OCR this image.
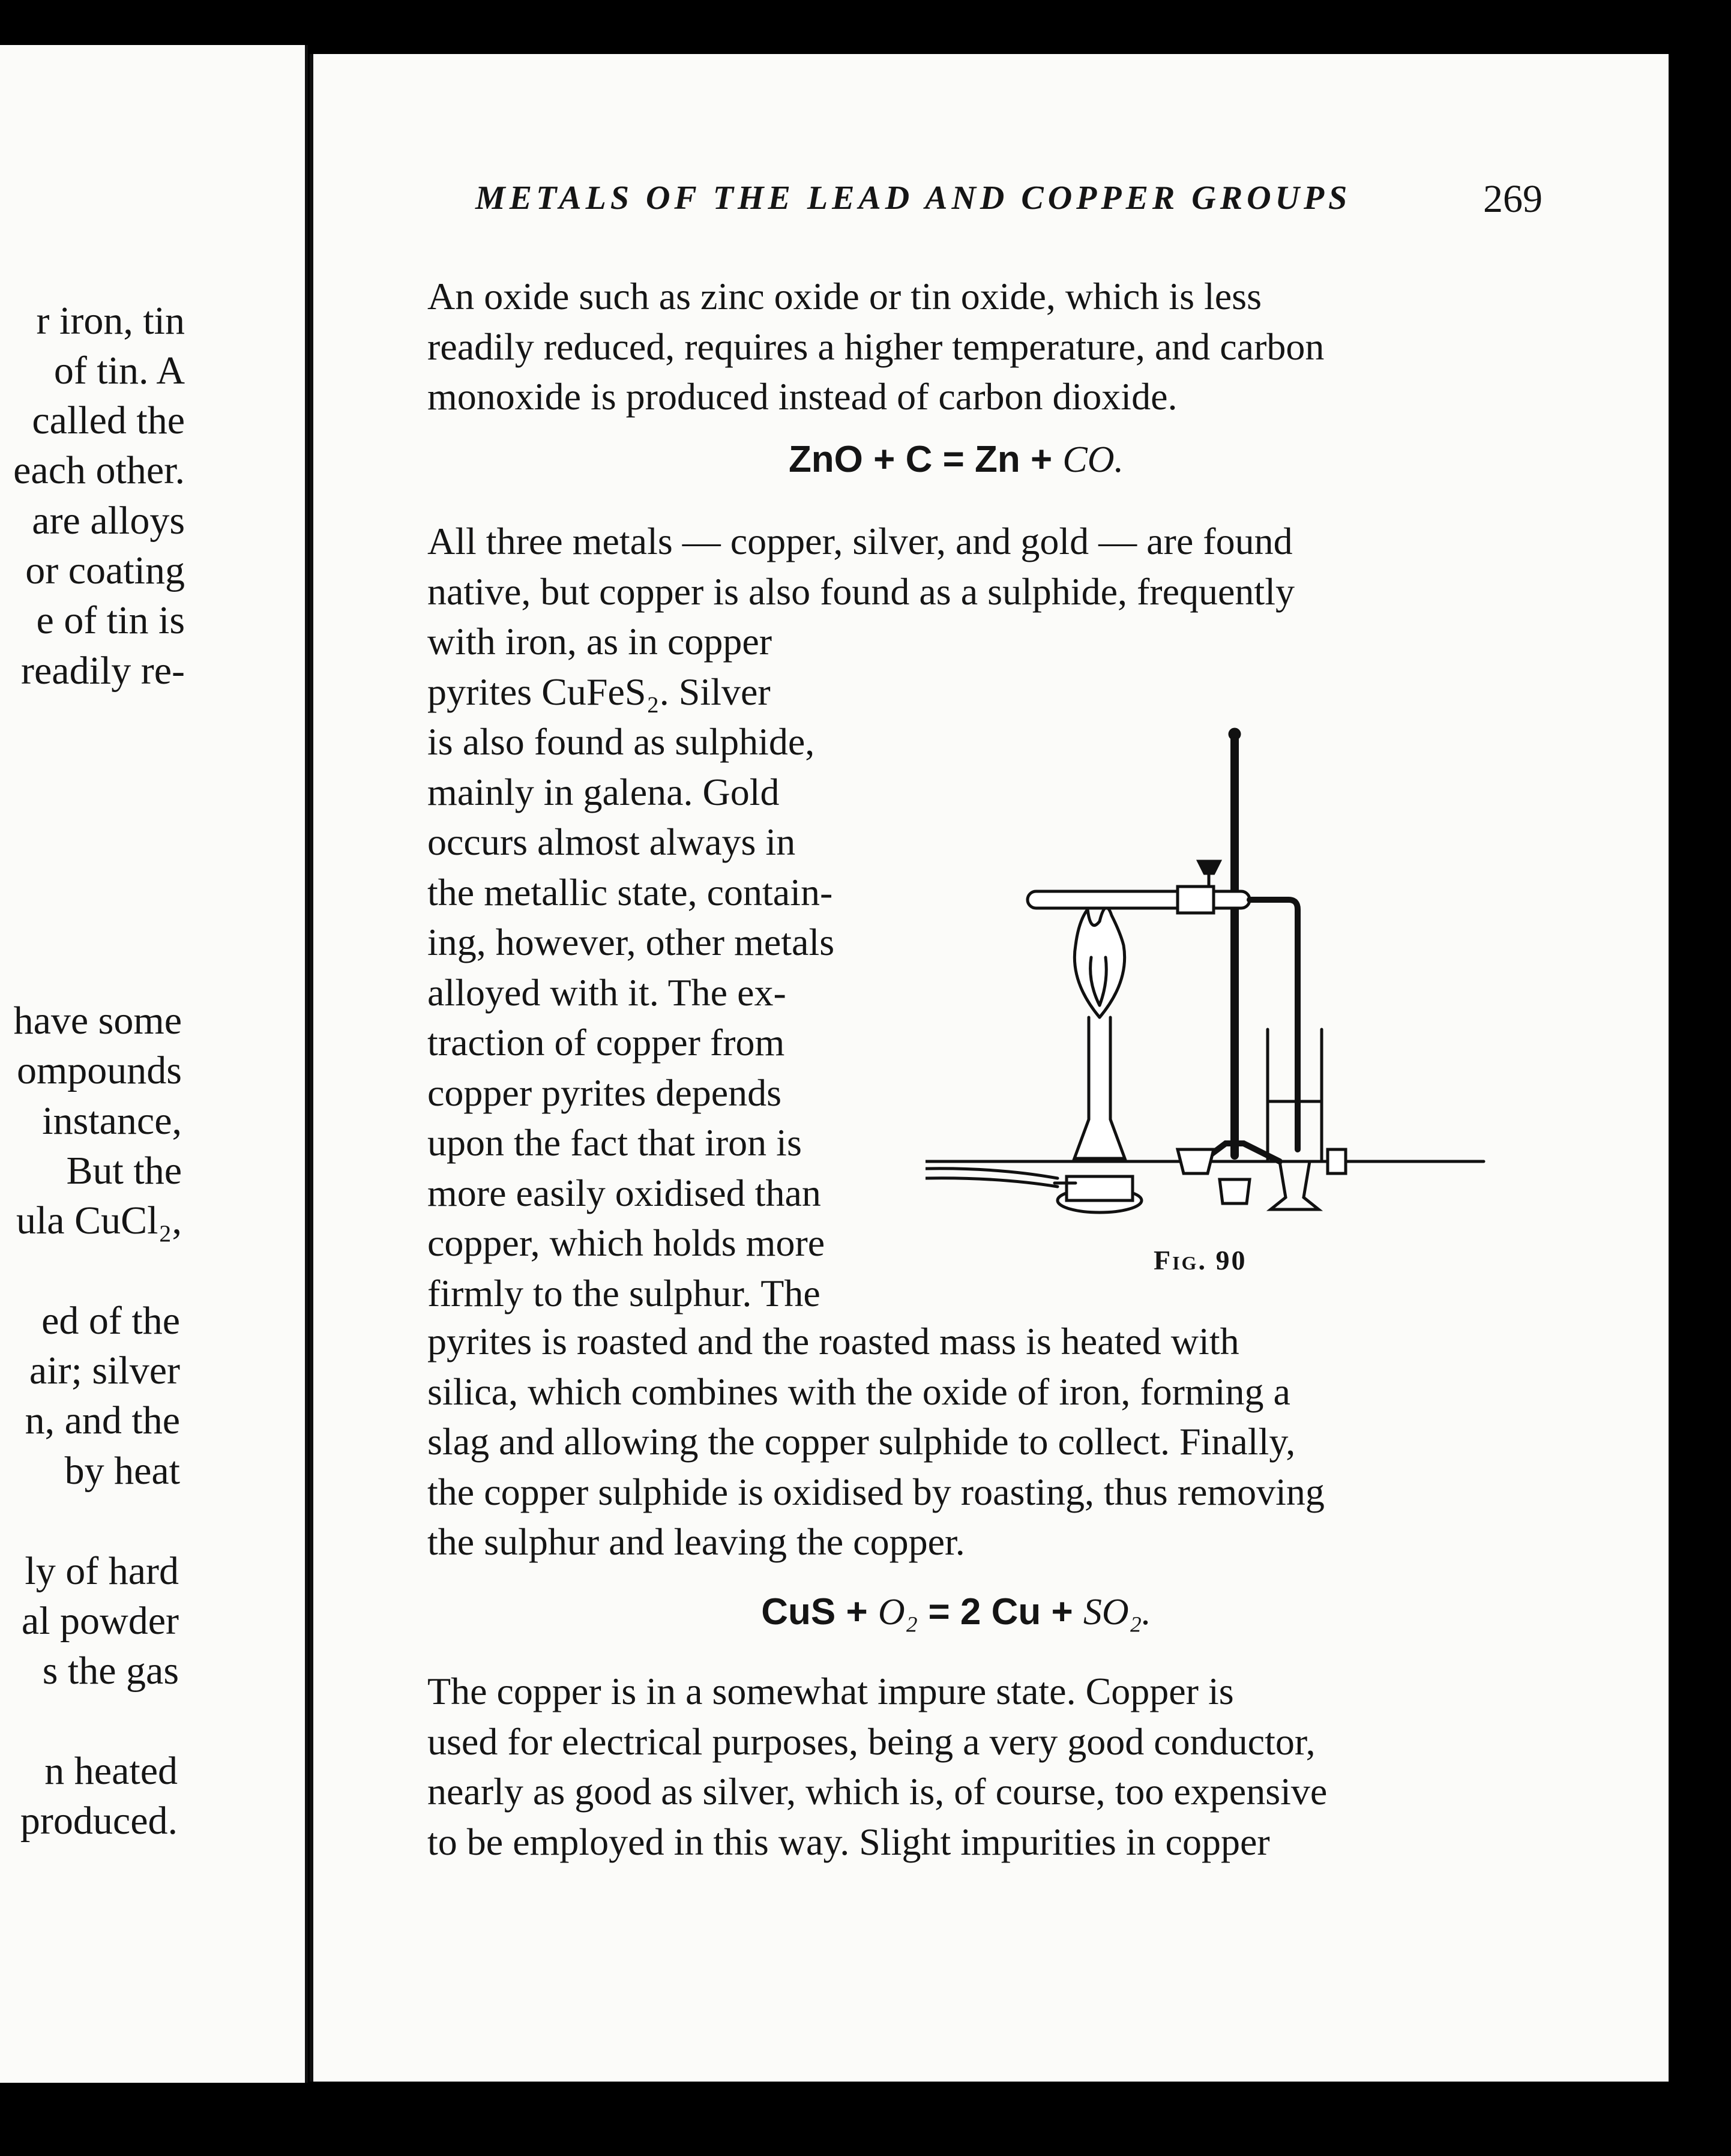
r iron, tin
of tin. A
called the
each other.
are alloys
or coating
e of tin is
readily re-
have some
ompounds
instance,
But the
ula CuCl₂,
ed of the
air; silver
n, and the
by heat
ly of hard
al powder
s the gas
n heated
produced.
METALS OF THE LEAD AND COPPER GROUPS	269
An oxide such as zinc oxide or tin oxide, which is less
readily reduced, requires a higher temperature, and carbon
monoxide is produced instead of carbon dioxide.
ZnO + C = Zn + CO.
All three metals — copper, silver, and gold — are found
native, but copper is also found as a sulphide, frequently
with iron, as in copper
pyrites CuFeS₂. Silver
is also found as sulphide,
mainly in galena. Gold
occurs almost always in
the metallic state, contain-
ing, however, other metals
alloyed with it. The ex-
traction of copper from
copper pyrites depends
upon the fact that iron is
more easily oxidised than
copper, which holds more
firmly to the sulphur. The
Fig. 90
pyrites is roasted and the roasted mass is heated with
silica, which combines with the oxide of iron, forming a
slag and allowing the copper sulphide to collect. Finally,
the copper sulphide is oxidised by roasting, thus removing
the sulphur and leaving the copper.
CuS + O₂ = 2 Cu + SO₂.
The copper is in a somewhat impure state. Copper is
used for electrical purposes, being a very good conductor,
nearly as good as silver, which is, of course, too expensive
to be employed in this way. Slight impurities in copper
